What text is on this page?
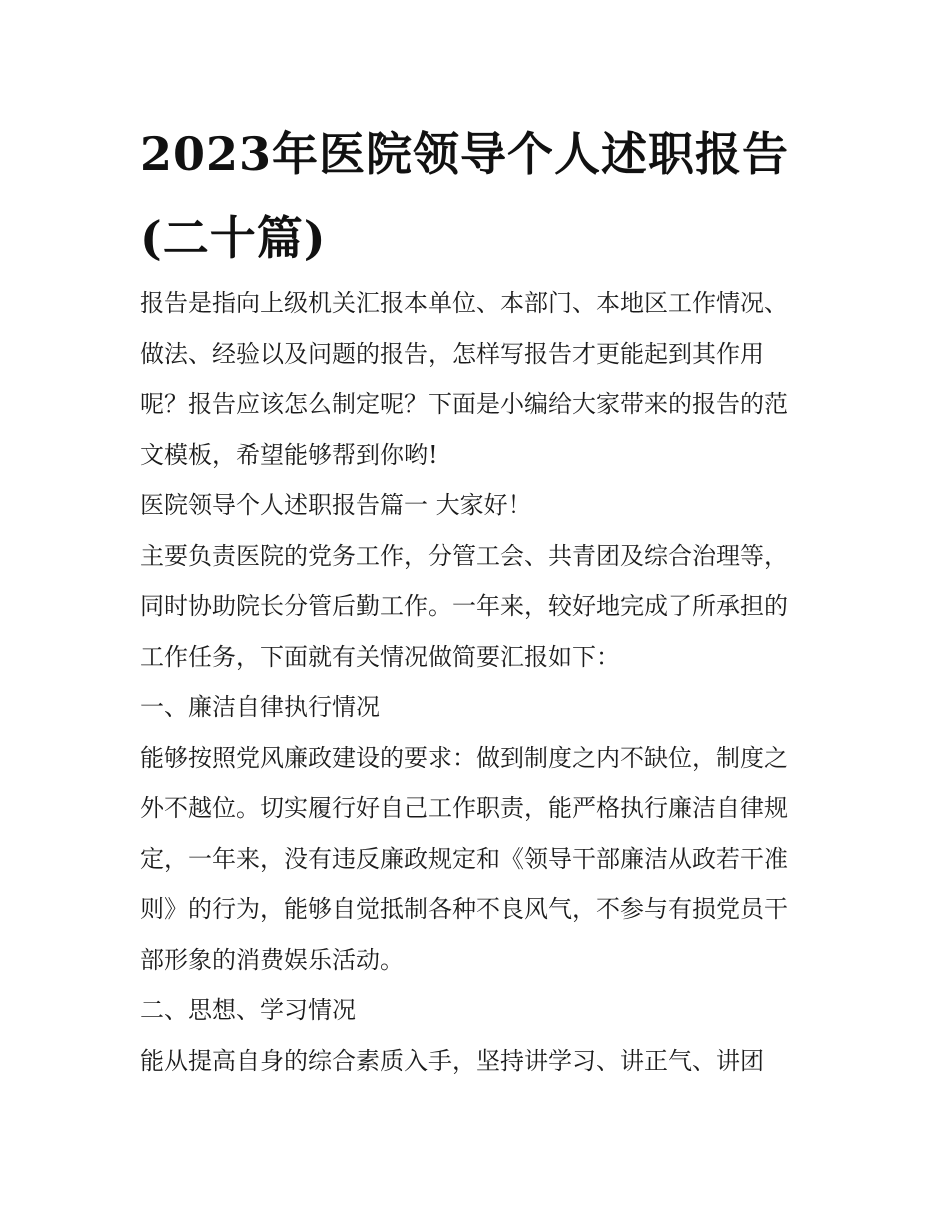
2023年医院领导个人述职报告
(二十篇)
报告是指向上级机关汇报本单位、本部门、本地区工作情况、
做法、经验以及问题的报告，怎样写报告才更能起到其作用
呢？报告应该怎么制定呢？下面是小编给大家带来的报告的范
文模板，希望能够帮到你哟!
医院领导个人述职报告篇一 大家好！
主要负责医院的党务工作，分管工会、共青团及综合治理等，
同时协助院长分管后勤工作。一年来，较好地完成了所承担的
工作任务，下面就有关情况做简要汇报如下：
一、廉洁自律执行情况
能够按照党风廉政建设的要求：做到制度之内不缺位，制度之
外不越位。切实履行好自己工作职责，能严格执行廉洁自律规
定，一年来，没有违反廉政规定和《领导干部廉洁从政若干准
则》的行为，能够自觉抵制各种不良风气，不参与有损党员干
部形象的消费娱乐活动。
二、思想、学习情况
能从提高自身的综合素质入手，坚持讲学习、讲正气、讲团
